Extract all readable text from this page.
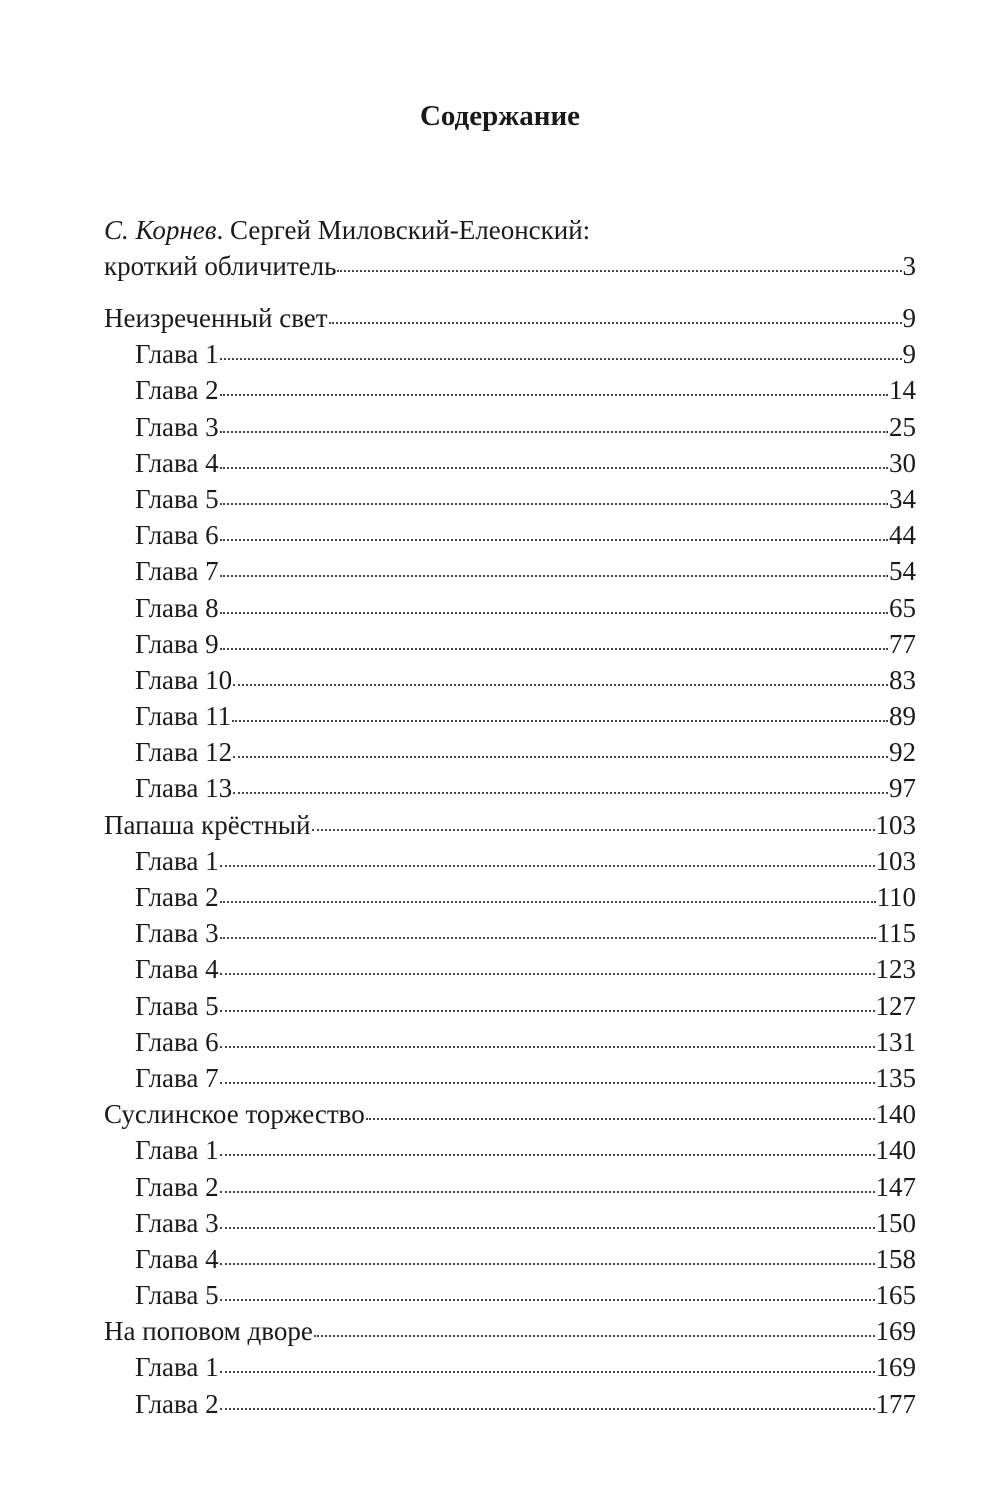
Содержание
С. Корнев. Сергей Миловский-Елеонский:
кроткий обличитель	3
Неизреченный свет	9
Глава 1	9
Глава 2	14
Глава 3	25
Глава 4	30
Глава 5	34
Глава 6	44
Глава 7	54
Глава 8	65
Глава 9	77
Глава 10	83
Глава 11	89
Глава 12	92
Глава 13	97
Папаша крёстный	103
Глава 1	103
Глава 2	110
Глава 3	115
Глава 4	123
Глава 5	127
Глава 6	131
Глава 7	135
Суслинское торжество	140
Глава 1	140
Глава 2	147
Глава 3	150
Глава 4	158
Глава 5	165
На поповом дворе	169
Глава 1	169
Глава 2	177
